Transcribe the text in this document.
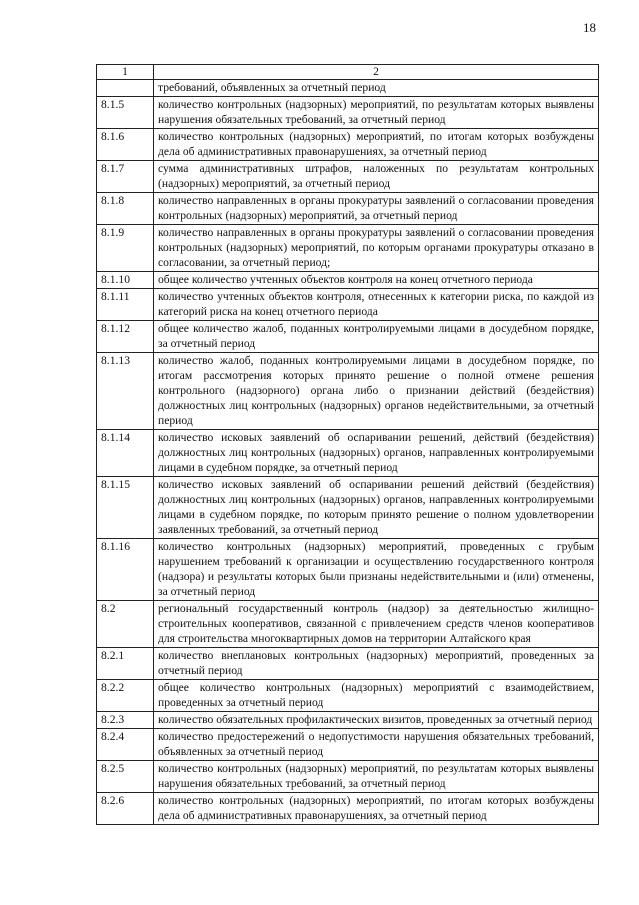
18
1	2
	требований, объявленных за отчетный период
8.1.5	количество контрольных (надзорных) мероприятий, по результатам которых выявлены нарушения обязательных требований, за отчетный период
8.1.6	количество контрольных (надзорных) мероприятий, по итогам которых возбуждены дела об административных правонарушениях, за отчетный период
8.1.7	сумма административных штрафов, наложенных по результатам контрольных (надзорных) мероприятий, за отчетный период
8.1.8	количество направленных в органы прокуратуры заявлений о согласовании проведения контрольных (надзорных) мероприятий, за отчетный период
8.1.9	количество направленных в органы прокуратуры заявлений о согласовании проведения контрольных (надзорных) мероприятий, по которым органами прокуратуры отказано в согласовании, за отчетный период;
8.1.10	общее количество учтенных объектов контроля на конец отчетного периода
8.1.11	количество учтенных объектов контроля, отнесенных к категории риска, по каждой из категорий риска на конец отчетного периода
8.1.12	общее количество жалоб, поданных контролируемыми лицами в досудебном порядке, за отчетный период
8.1.13	количество жалоб, поданных контролируемыми лицами в досудебном порядке, по итогам рассмотрения которых принято решение о полной отмене решения контрольного (надзорного) органа либо о признании действий (бездействия) должностных лиц контрольных (надзорных) органов недействительными, за отчетный период
8.1.14	количество исковых заявлений об оспаривании решений, действий (бездействия) должностных лиц контрольных (надзорных) органов, направленных контролируемыми лицами в судебном порядке, за отчетный период
8.1.15	количество исковых заявлений об оспаривании решений действий (бездействия) должностных лиц контрольных (надзорных) органов, направленных контролируемыми лицами в судебном порядке, по которым принято решение о полном удовлетворении заявленных требований, за отчетный период
8.1.16	количество контрольных (надзорных) мероприятий, проведенных с грубым нарушением требований к организации и осуществлению государственного контроля (надзора) и результаты которых были признаны недействительными и (или) отменены, за отчетный период
8.2	региональный государственный контроль (надзор) за деятельностью жилищно-строительных кооперативов, связанной с привлечением средств членов кооперативов для строительства многоквартирных домов на территории Алтайского края
8.2.1	количество внеплановых контрольных (надзорных) мероприятий, проведенных за отчетный период
8.2.2	общее количество контрольных (надзорных) мероприятий с взаимодействием, проведенных за отчетный период
8.2.3	количество обязательных профилактических визитов, проведенных за отчетный период
8.2.4	количество предостережений о недопустимости нарушения обязательных требований, объявленных за отчетный период
8.2.5	количество контрольных (надзорных) мероприятий, по результатам которых выявлены нарушения обязательных требований, за отчетный период
8.2.6	количество контрольных (надзорных) мероприятий, по итогам которых возбуждены дела об административных правонарушениях, за отчетный период
